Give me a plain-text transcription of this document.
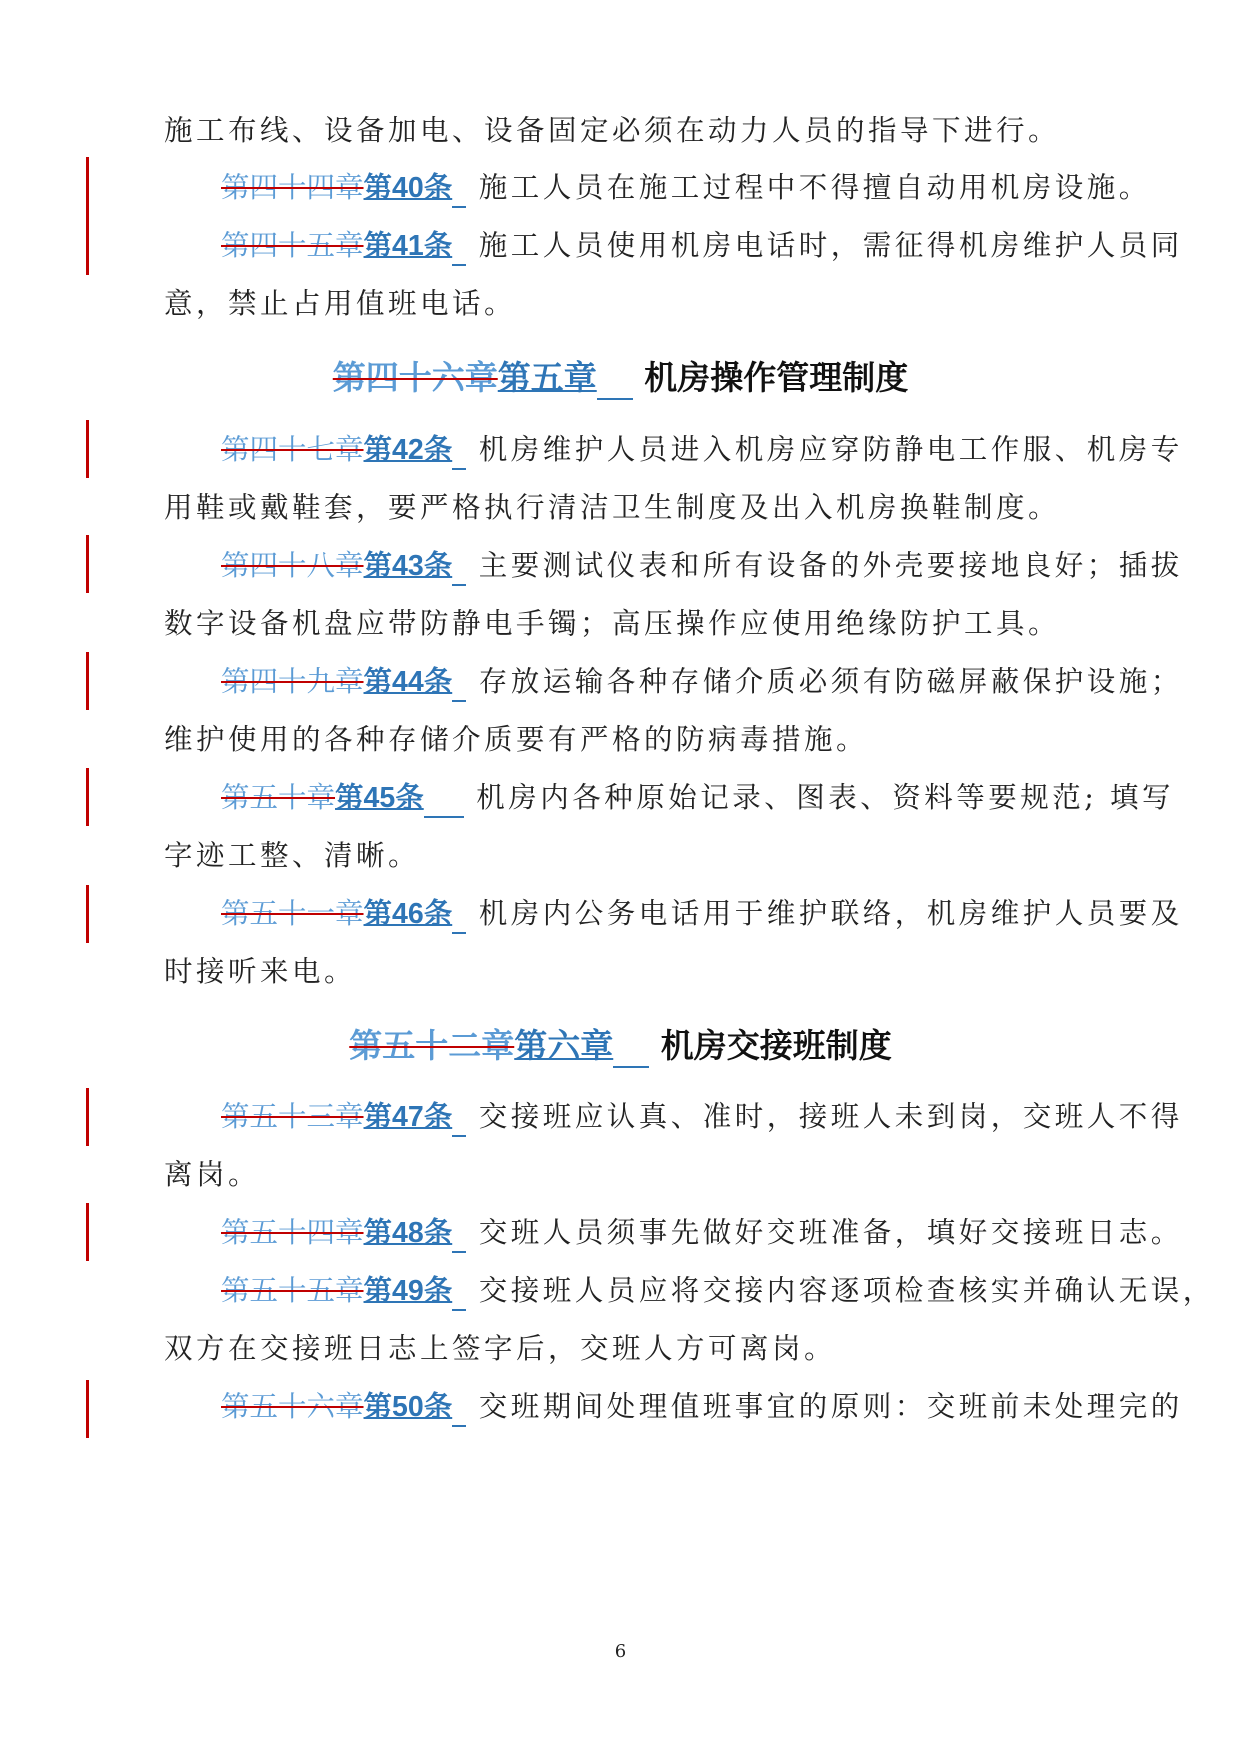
施工布线、设备加电、设备固定必须在动力人员的指导下进行。
第四十四章第40条 施工人员在施工过程中不得擅自动用机房设施。
第四十五章第41条 施工人员使用机房电话时，需征得机房维护人员同
意，禁止占用值班电话。
第四十六章第五章 机房操作管理制度
第四十七章第42条 机房维护人员进入机房应穿防静电工作服、机房专
用鞋或戴鞋套，要严格执行清洁卫生制度及出入机房换鞋制度。
第四十八章第43条 主要测试仪表和所有设备的外壳要接地良好；插拔
数字设备机盘应带防静电手镯；高压操作应使用绝缘防护工具。
第四十九章第44条 存放运输各种存储介质必须有防磁屏蔽保护设施；
维护使用的各种存储介质要有严格的防病毒措施。
第五十章第45条 机房内各种原始记录、图表、资料等要规范; 填写
字迹工整、清晰。
第五十一章第46条 机房内公务电话用于维护联络，机房维护人员要及
时接听来电。
第五十二章第六章 机房交接班制度
第五十三章第47条 交接班应认真、准时，接班人未到岗，交班人不得
离岗。
第五十四章第48条 交班人员须事先做好交班准备，填好交接班日志。
第五十五章第49条 交接班人员应将交接内容逐项检查核实并确认无误，
双方在交接班日志上签字后，交班人方可离岗。
第五十六章第50条 交班期间处理值班事宜的原则：交班前未处理完的
6
